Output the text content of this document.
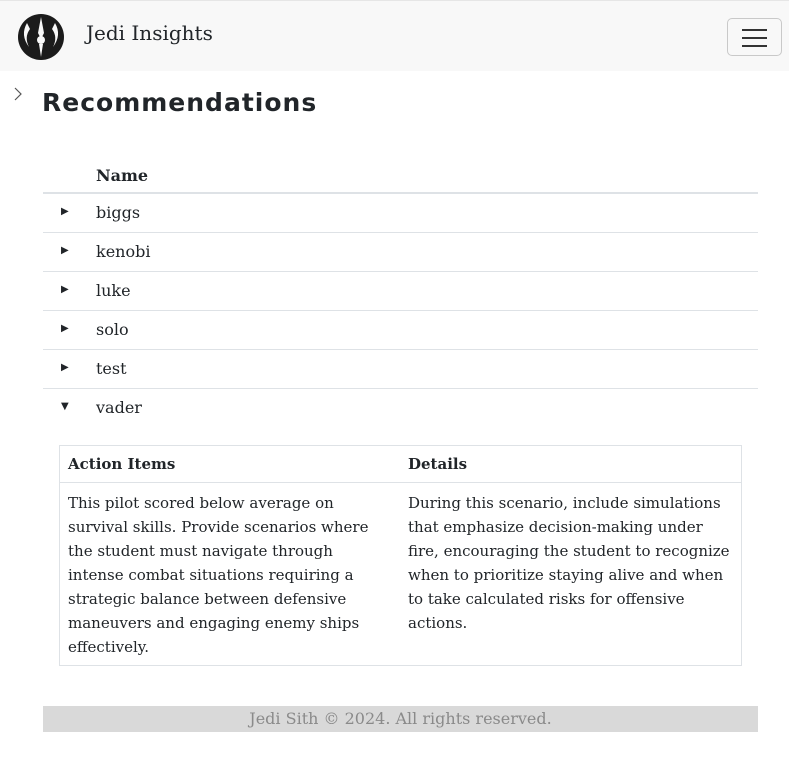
Jedi Insights
Recommendations
Name
▶ biggs
▶ kenobi
▶ luke
▶ solo
▶ test
▼ vader
Action Items	Details
This pilot scored below average on survival skills. Provide scenarios where the student must navigate through intense combat situations requiring a strategic balance between defensive maneuvers and engaging enemy ships effectively.
During this scenario, include simulations that emphasize decision-making under fire, encouraging the student to recognize when to prioritize staying alive and when to take calculated risks for offensive actions.
Jedi Sith © 2024. All rights reserved.
